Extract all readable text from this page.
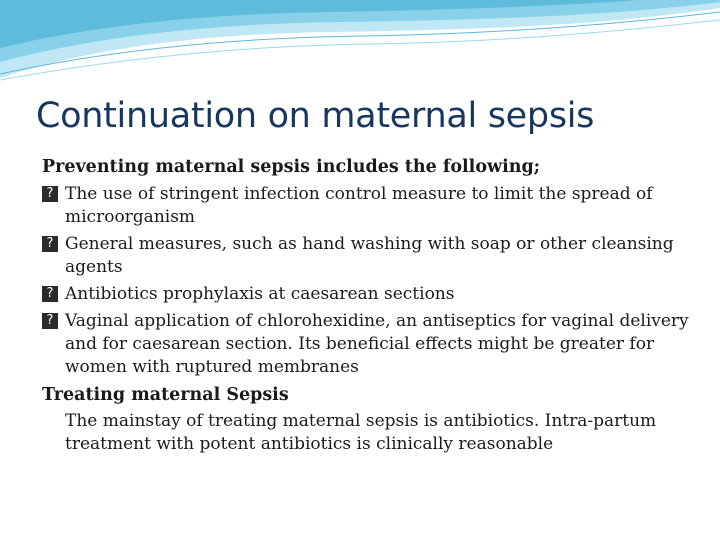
Continuation on maternal sepsis
Preventing maternal sepsis includes the following;
? The use of stringent infection control measure to limit the spread of microorganism
? General measures, such as hand washing with soap or other cleansing agents
? Antibiotics prophylaxis at caesarean sections
? Vaginal application of chlorohexidine, an antiseptics for vaginal delivery and for caesarean section. Its beneficial effects might be greater for women with ruptured membranes
Treating maternal Sepsis
The mainstay of treating maternal sepsis is antibiotics. Intra-partum treatment with potent antibiotics is clinically reasonable
